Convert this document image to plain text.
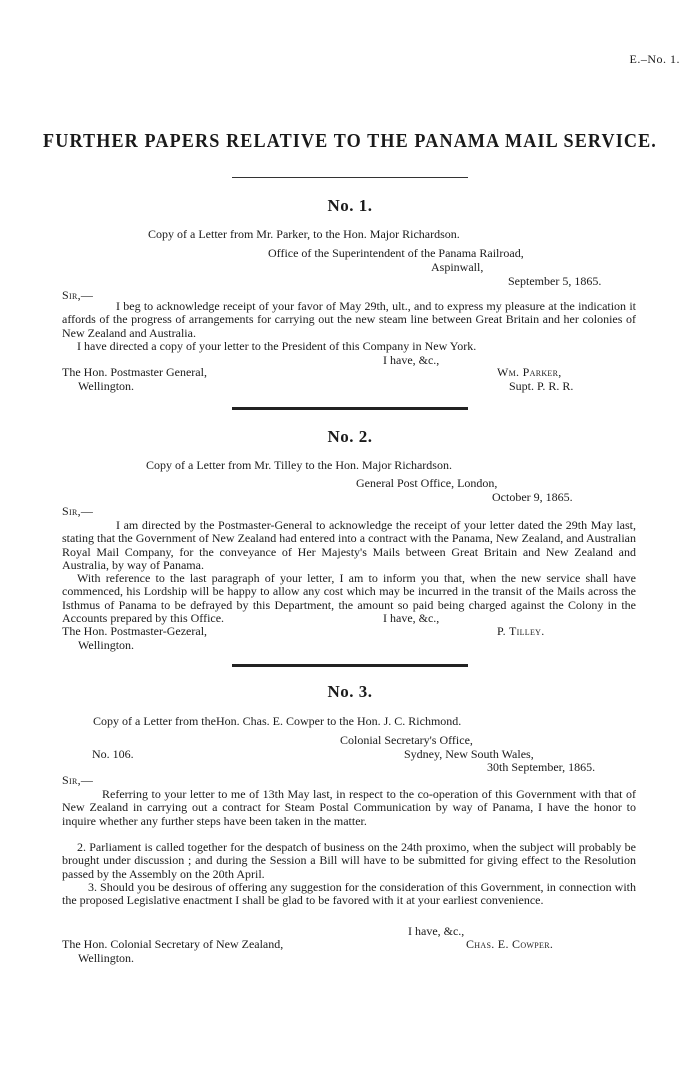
E.–No. 1.
FURTHER PAPERS RELATIVE TO THE PANAMA MAIL SERVICE.
No. 1.
Copy of a Letter from Mr. Parker, to the Hon. Major Richardson.
Office of the Superintendent of the Panama Railroad,
Aspinwall,
September 5, 1865.
Sir,—
I beg to acknowledge receipt of your favor of May 29th, ult., and to express my pleasure at the indication it affords of the progress of arrangements for carrying out the new steam line between Great Britain and her colonies of New Zealand and Australia.
I have directed a copy of your letter to the President of this Company in New York.
I have, &c.,
The Hon. Postmaster General,
Wellington.
Wm. Parker,
Supt. P. R. R.
No. 2.
Copy of a Letter from Mr. Tilley to the Hon. Major Richardson.
General Post Office, London,
October 9, 1865.
Sir,—
I am directed by the Postmaster-General to acknowledge the receipt of your letter dated the 29th May last, stating that the Government of New Zealand had entered into a contract with the Panama, New Zealand, and Australian Royal Mail Company, for the conveyance of Her Majesty's Mails between Great Britain and New Zealand and Australia, by way of Panama.
With reference to the last paragraph of your letter, I am to inform you that, when the new service shall have commenced, his Lordship will be happy to allow any cost which may be incurred in the transit of the Mails across the Isthmus of Panama to be defrayed by this Department, the amount so paid being charged against the Colony in the Accounts prepared by this Office.	I have, &c.,
The Hon. Postmaster-Gezeral,
Wellington.
P. Tilley.
No. 3.
Copy of a Letter from theHon. Chas. E. Cowper to the Hon. J. C. Richmond.
Colonial Secretary's Office,
No. 106.	Sydney, New South Wales,
30th September, 1865.
Sir,—
Referring to your letter to me of 13th May last, in respect to the co-operation of this Government with that of New Zealand in carrying out a contract for Steam Postal Communication by way of Panama, I have the honor to inquire whether any further steps have been taken in the matter.
2. Parliament is called together for the despatch of business on the 24th proximo, when the subject will probably be brought under discussion ; and during the Session a Bill will have to be submitted for giving effect to the Resolution passed by the Assembly on the 20th April.
3. Should you be desirous of offering any suggestion for the consideration of this Government, in connection with the proposed Legislative enactment I shall be glad to be favored with it at your earliest convenience.
I have, &c.,
The Hon. Colonial Secretary of New Zealand,
Wellington.
Chas. E. Cowper.
